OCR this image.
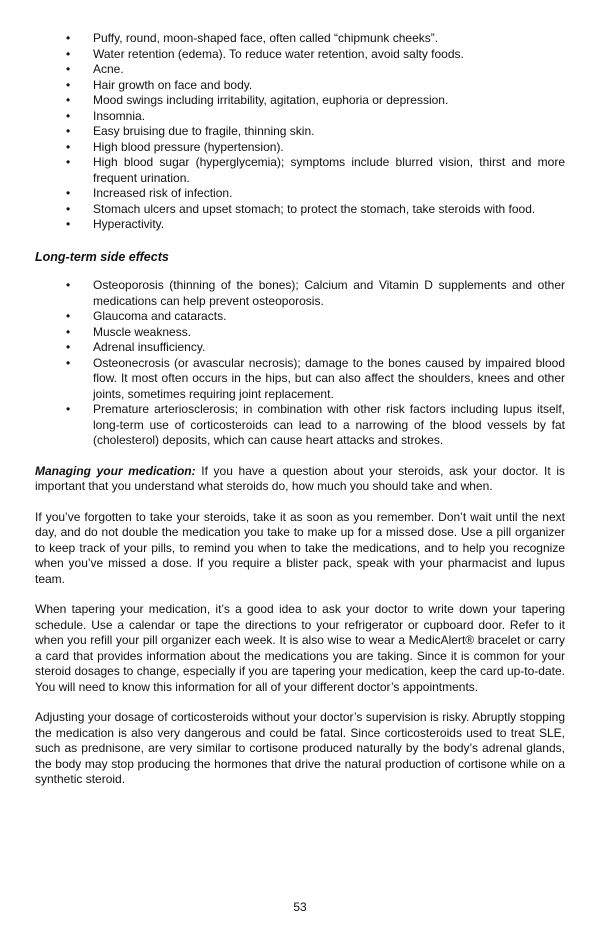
• Puffy, round, moon-shaped face, often called “chipmunk cheeks”.
• Water retention (edema). To reduce water retention, avoid salty foods.
• Acne.
• Hair growth on face and body.
• Mood swings including irritability, agitation, euphoria or depression.
• Insomnia.
• Easy bruising due to fragile, thinning skin.
• High blood pressure (hypertension).
• High blood sugar (hyperglycemia); symptoms include blurred vision, thirst and more frequent urination.
• Increased risk of infection.
• Stomach ulcers and upset stomach; to protect the stomach, take steroids with food.
• Hyperactivity.
Long-term side effects
• Osteoporosis (thinning of the bones); Calcium and Vitamin D supplements and other medications can help prevent osteoporosis.
• Glaucoma and cataracts.
• Muscle weakness.
• Adrenal insufficiency.
• Osteonecrosis (or avascular necrosis); damage to the bones caused by impaired blood flow. It most often occurs in the hips, but can also affect the shoulders, knees and other joints, sometimes requiring joint replacement.
• Premature arteriosclerosis; in combination with other risk factors including lupus itself, long-term use of corticosteroids can lead to a narrowing of the blood vessels by fat (cholesterol) deposits, which can cause heart attacks and strokes.

Managing your medication: If you have a question about your steroids, ask your doctor. It is important that you understand what steroids do, how much you should take and when.

If you’ve forgotten to take your steroids, take it as soon as you remember. Don’t wait until the next day, and do not double the medication you take to make up for a missed dose. Use a pill organizer to keep track of your pills, to remind you when to take the medications, and to help you recognize when you’ve missed a dose. If you require a blister pack, speak with your pharmacist and lupus team.

When tapering your medication, it’s a good idea to ask your doctor to write down your tapering schedule. Use a calendar or tape the directions to your refrigerator or cupboard door. Refer to it when you refill your pill organizer each week. It is also wise to wear a MedicAlert® bracelet or carry a card that provides information about the medications you are taking. Since it is common for your steroid dosages to change, especially if you are tapering your medication, keep the card up-to-date. You will need to know this information for all of your different doctor’s appointments.

Adjusting your dosage of corticosteroids without your doctor’s supervision is risky. Abruptly stopping the medication is also very dangerous and could be fatal. Since corticosteroids used to treat SLE, such as prednisone, are very similar to cortisone produced naturally by the body’s adrenal glands, the body may stop producing the hormones that drive the natural production of cortisone while on a synthetic steroid.

53
